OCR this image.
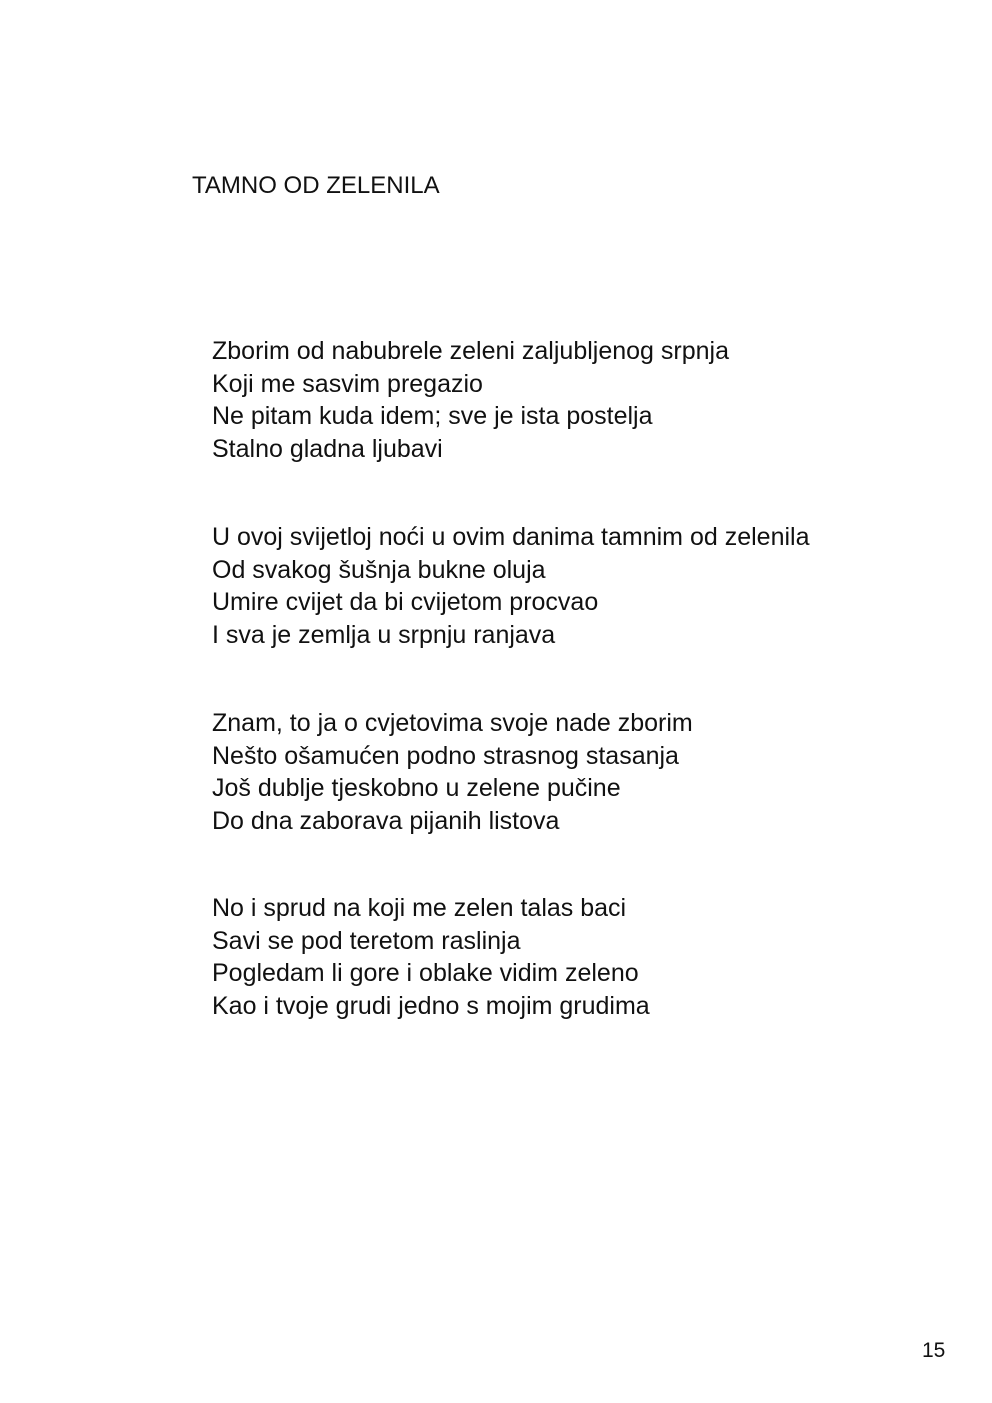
TAMNO OD ZELENILA
Zborim od nabubrele zeleni zaljubljenog srpnja
Koji me sasvim pregazio
Ne pitam kuda idem; sve je ista postelja
Stalno gladna ljubavi
U ovoj svijetloj noći u ovim danima tamnim od zelenila
Od svakog šušnja bukne oluja
Umire cvijet da bi cvijetom procvao
I sva je zemlja u srpnju ranjava
Znam, to ja o cvjetovima svoje nade zborim
Nešto ošamućen podno strasnog stasanja
Još dublje tjeskobno u zelene pučine
Do dna zaborava pijanih listova
No i sprud na koji me zelen talas baci
Savi se pod teretom raslinja
Pogledam li gore i oblake vidim zeleno
Kao i tvoje grudi jedno s mojim grudima
15
